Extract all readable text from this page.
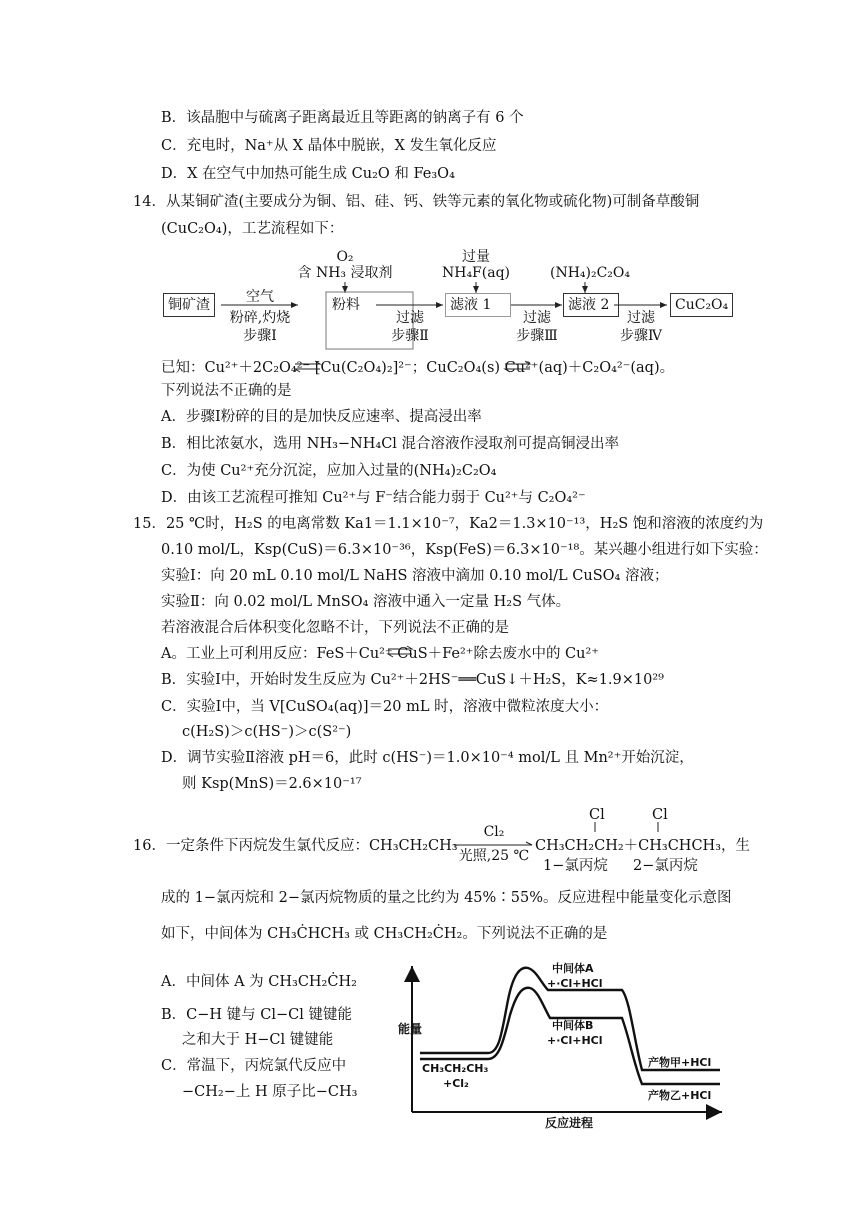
B．该晶胞中与硫离子距离最近且等距离的钠离子有 6 个
C．充电时，Na⁺从 X 晶体中脱嵌，X 发生氧化反应
D．X 在空气中加热可能生成 Cu₂O 和 Fe₃O₄
14．从某铜矿渣(主要成分为铜、铝、硅、钙、铁等元素的氧化物或硫化物)可制备草酸铜
(CuC₂O₄)，工艺流程如下：
铜矿渣	空气
粉碎,灼烧
步骤Ⅰ
O₂
含 NH₃ 浸取剂
粉料
过滤
步骤Ⅱ
过量
NH₄F(aq)
滤液 1
过滤
步骤Ⅲ
(NH₄)₂C₂O₄
滤液 2
过滤
步骤Ⅳ
CuC₂O₄
已知：Cu²⁺＋2C₂O₄²⁻ [Cu(C₂O₄)₂]²⁻；CuC₂O₄(s) Cu²⁺(aq)＋C₂O₄²⁻(aq)。
下列说法不正确的是
A．步骤Ⅰ粉碎的目的是加快反应速率、提高浸出率
B．相比浓氨水，选用 NH₃−NH₄Cl 混合溶液作浸取剂可提高铜浸出率
C．为使 Cu²⁺充分沉淀，应加入过量的(NH₄)₂C₂O₄
D．由该工艺流程可推知 Cu²⁺与 F⁻结合能力弱于 Cu²⁺与 C₂O₄²⁻
15．25 ℃时，H₂S 的电离常数 Ka1＝1.1×10⁻⁷，Ka2＝1.3×10⁻¹³，H₂S 饱和溶液的浓度约为
0.10 mol/L，Ksp(CuS)＝6.3×10⁻³⁶，Ksp(FeS)＝6.3×10⁻¹⁸。某兴趣小组进行如下实验：
实验Ⅰ：向 20 mL 0.10 mol/L NaHS 溶液中滴加 0.10 mol/L CuSO₄ 溶液；
实验Ⅱ：向 0.02 mol/L MnSO₄ 溶液中通入一定量 H₂S 气体。
若溶液混合后体积变化忽略不计，下列说法不正确的是
A。工业上可利用反应：FeS＋Cu²⁺ CuS＋Fe²⁺除去废水中的 Cu²⁺
B．实验Ⅰ中，开始时发生反应为 Cu²⁺＋2HS⁻══CuS↓＋H₂S，K≈1.9×10²⁹
C．实验Ⅰ中，当 V[CuSO₄(aq)]＝20 mL 时，溶液中微粒浓度大小：
c(H₂S)＞c(HS⁻)＞c(S²⁻)
D．调节实验Ⅱ溶液 pH＝6，此时 c(HS⁻)＝1.0×10⁻⁴ mol/L 且 Mn²⁺开始沉淀，
则 Ksp(MnS)＝2.6×10⁻¹⁷
Cl	Cl
16．一定条件下丙烷发生氯代反应：CH₃CH₂CH₃
Cl₂
光照,25 ℃
CH₃CH₂CH₂＋CH₃CHCH₃，生
1−氯丙烷 2−氯丙烷
成的 1−氯丙烷和 2−氯丙烷物质的量之比约为 45%∶55%。反应进程中能量变化示意图
如下，中间体为 CH₃ĊHCH₃ 或 CH₃CH₂ĊH₂。下列说法不正确的是
A．中间体 A 为 CH₃CH₂ĊH₂
B．C−H 键与 Cl−Cl 键键能
之和大于 H−Cl 键键能
C．常温下，丙烷氯代反应中
−CH₂−上 H 原子比−CH₃
能量
反应进程
CH₃CH₂CH₃
+Cl₂
中间体A
+·Cl+HCl
中间体B
+·Cl+HCl
产物甲+HCl
产物乙+HCl
